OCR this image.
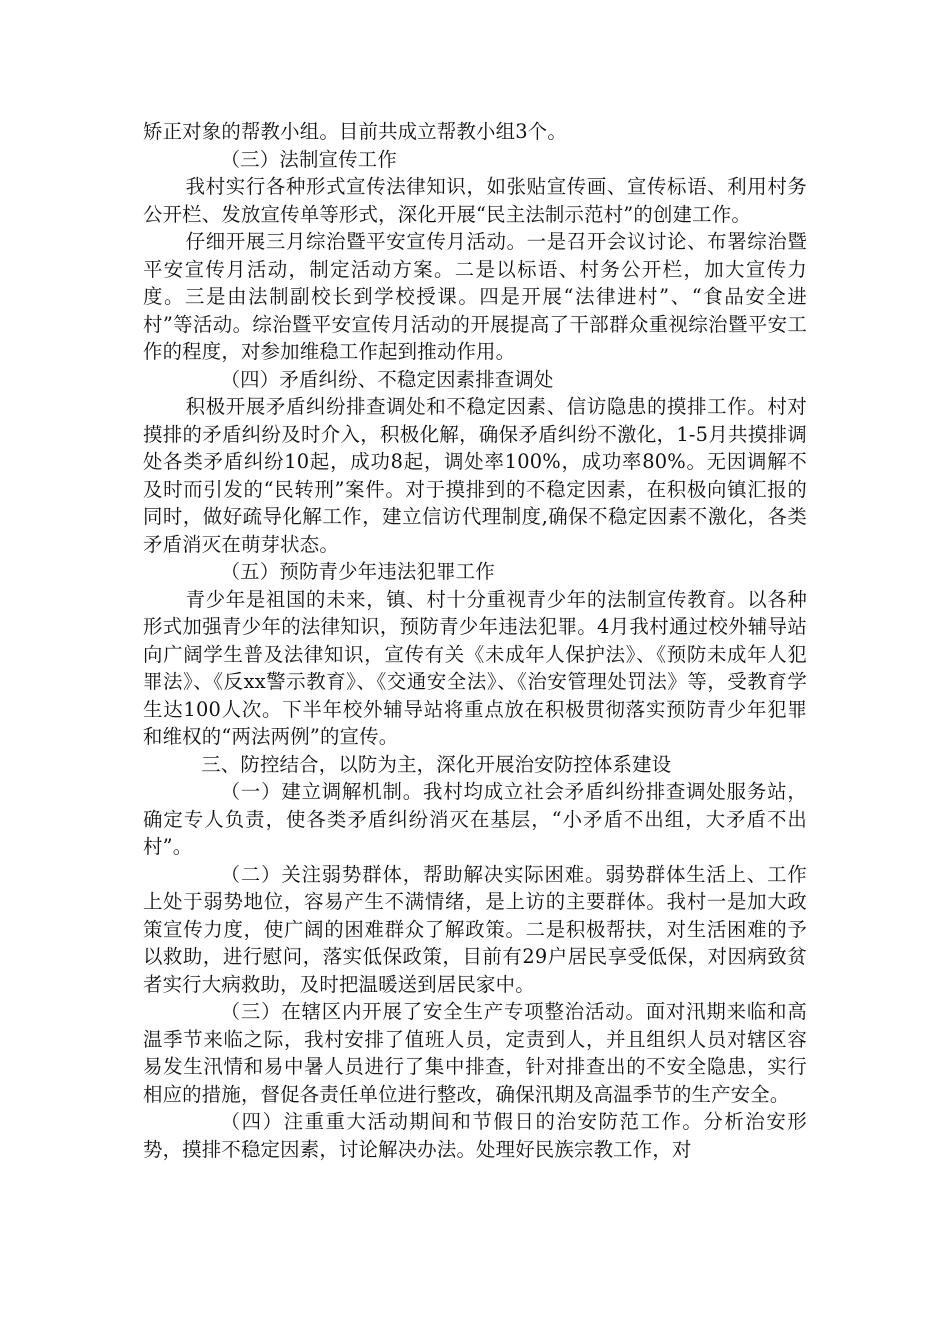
矫正对象的帮教小组。目前共成立帮教小组3个。

（三）法制宣传工作

我村实行各种形式宣传法律知识，如张贴宣传画、宣传标语、利用村务公开栏、发放宣传单等形式，深化开展“民主法制示范村”的创建工作。

仔细开展三月综治暨平安宣传月活动。一是召开会议讨论、布署综治暨平安宣传月活动，制定活动方案。二是以标语、村务公开栏，加大宣传力度。三是由法制副校长到学校授课。四是开展“法律进村”、“食品安全进村”等活动。综治暨平安宣传月活动的开展提高了干部群众重视综治暨平安工作的程度，对参加维稳工作起到推动作用。

（四）矛盾纠纷、不稳定因素排查调处

积极开展矛盾纠纷排查调处和不稳定因素、信访隐患的摸排工作。村对摸排的矛盾纠纷及时介入，积极化解，确保矛盾纠纷不激化，1-5月共摸排调处各类矛盾纠纷10起，成功8起，调处率100%，成功率80%。无因调解不及时而引发的“民转刑”案件。对于摸排到的不稳定因素，在积极向镇汇报的同时，做好疏导化解工作，建立信访代理制度,确保不稳定因素不激化，各类矛盾消灭在萌芽状态。

（五）预防青少年违法犯罪工作

青少年是祖国的未来，镇、村十分重视青少年的法制宣传教育。以各种形式加强青少年的法律知识，预防青少年违法犯罪。4月我村通过校外辅导站向广阔学生普及法律知识，宣传有关《未成年人保护法》、《预防未成年人犯罪法》、《反xx警示教育》、《交通安全法》、《治安管理处罚法》等，受教育学生达100人次。下半年校外辅导站将重点放在积极贯彻落实预防青少年犯罪和维权的“两法两例”的宣传。

三、防控结合，以防为主，深化开展治安防控体系建设

（一）建立调解机制。我村均成立社会矛盾纠纷排查调处服务站，确定专人负责，使各类矛盾纠纷消灭在基层，“小矛盾不出组，大矛盾不出村”。

（二）关注弱势群体，帮助解决实际困难。弱势群体生活上、工作上处于弱势地位，容易产生不满情绪，是上访的主要群体。我村一是加大政策宣传力度，使广阔的困难群众了解政策。二是积极帮扶，对生活困难的予以救助，进行慰问，落实低保政策，目前有29户居民享受低保，对因病致贫者实行大病救助，及时把温暖送到居民家中。

（三）在辖区内开展了安全生产专项整治活动。面对汛期来临和高温季节来临之际，我村安排了值班人员，定责到人，并且组织人员对辖区容易发生汛情和易中暑人员进行了集中排查，针对排查出的不安全隐患，实行相应的措施，督促各责任单位进行整改，确保汛期及高温季节的生产安全。

（四）注重重大活动期间和节假日的治安防范工作。分析治安形势，摸排不稳定因素，讨论解决办法。处理好民族宗教工作，对
